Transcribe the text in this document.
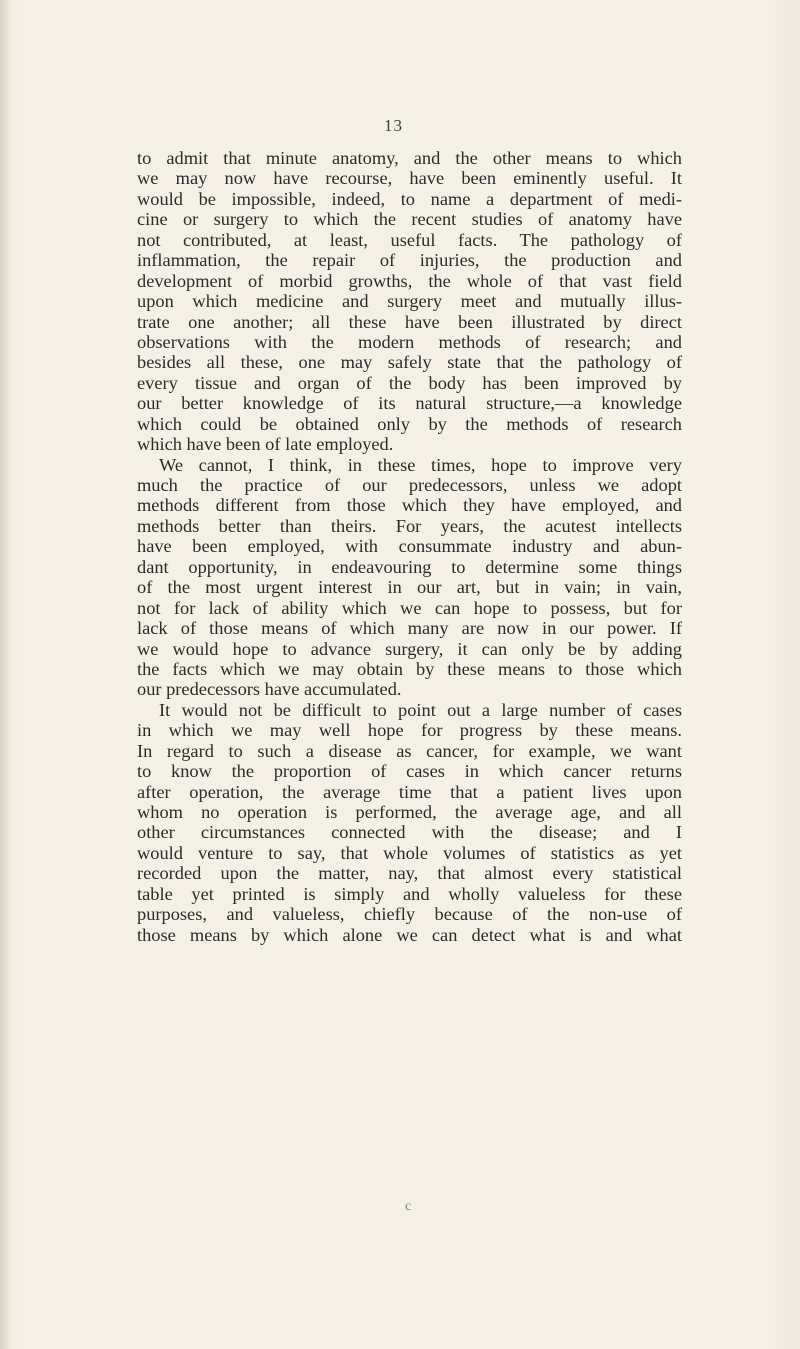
13
to admit that minute anatomy, and the other means to which
we may now have recourse, have been eminently useful. It
would be impossible, indeed, to name a department of medi-
cine or surgery to which the recent studies of anatomy have
not contributed, at least, useful facts. The pathology of
inflammation, the repair of injuries, the production and
development of morbid growths, the whole of that vast field
upon which medicine and surgery meet and mutually illus-
trate one another; all these have been illustrated by direct
observations with the modern methods of research; and
besides all these, one may safely state that the pathology of
every tissue and organ of the body has been improved by
our better knowledge of its natural structure,—a knowledge
which could be obtained only by the methods of research
which have been of late employed.
We cannot, I think, in these times, hope to improve very
much the practice of our predecessors, unless we adopt
methods different from those which they have employed, and
methods better than theirs. For years, the acutest intellects
have been employed, with consummate industry and abun-
dant opportunity, in endeavouring to determine some things
of the most urgent interest in our art, but in vain; in vain,
not for lack of ability which we can hope to possess, but for
lack of those means of which many are now in our power. If
we would hope to advance surgery, it can only be by adding
the facts which we may obtain by these means to those which
our predecessors have accumulated.
It would not be difficult to point out a large number of cases
in which we may well hope for progress by these means.
In regard to such a disease as cancer, for example, we want
to know the proportion of cases in which cancer returns
after operation, the average time that a patient lives upon
whom no operation is performed, the average age, and all
other circumstances connected with the disease; and I
would venture to say, that whole volumes of statistics as yet
recorded upon the matter, nay, that almost every statistical
table yet printed is simply and wholly valueless for these
purposes, and valueless, chiefly because of the non-use of
those means by which alone we can detect what is and what
c
